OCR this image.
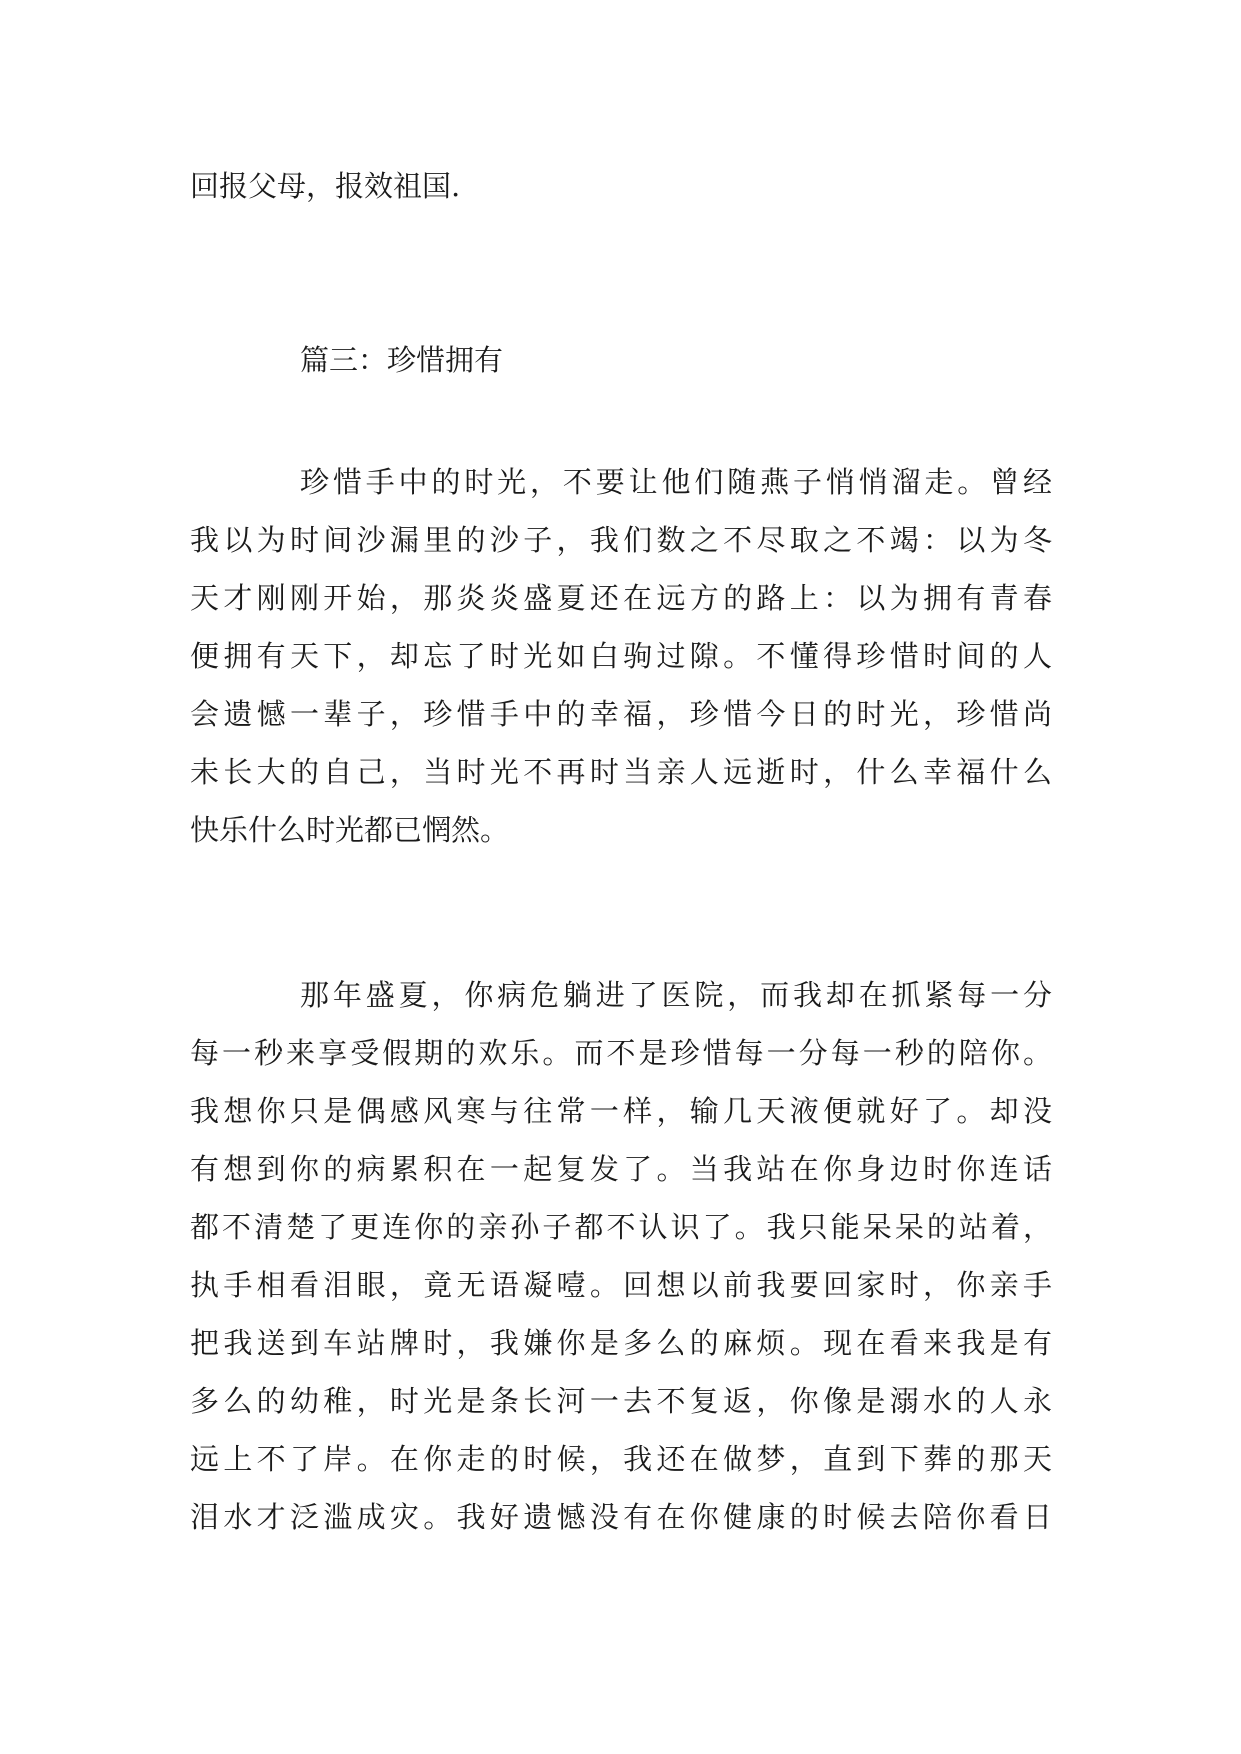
回报父母，报效祖国.
篇三：珍惜拥有
珍惜手中的时光，不要让他们随燕子悄悄溜走。曾经
我以为时间沙漏里的沙子，我们数之不尽取之不竭：以为冬
天才刚刚开始，那炎炎盛夏还在远方的路上：以为拥有青春
便拥有天下，却忘了时光如白驹过隙。不懂得珍惜时间的人
会遗憾一辈子，珍惜手中的幸福，珍惜今日的时光，珍惜尚
未长大的自己，当时光不再时当亲人远逝时，什么幸福什么
快乐什么时光都已惘然。
那年盛夏，你病危躺进了医院，而我却在抓紧每一分
每一秒来享受假期的欢乐。而不是珍惜每一分每一秒的陪你。
我想你只是偶感风寒与往常一样，输几天液便就好了。却没
有想到你的病累积在一起复发了。当我站在你身边时你连话
都不清楚了更连你的亲孙子都不认识了。我只能呆呆的站着，
执手相看泪眼，竟无语凝噎。回想以前我要回家时，你亲手
把我送到车站牌时，我嫌你是多么的麻烦。现在看来我是有
多么的幼稚，时光是条长河一去不复返，你像是溺水的人永
远上不了岸。在你走的时候，我还在做梦，直到下葬的那天
泪水才泛滥成灾。我好遗憾没有在你健康的时候去陪你看日
